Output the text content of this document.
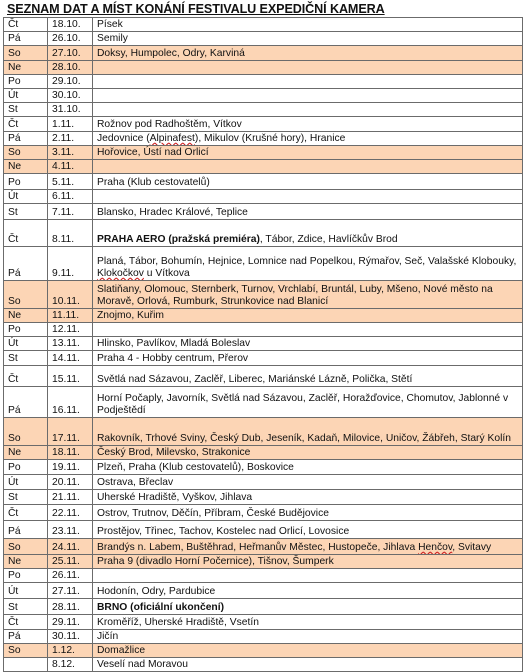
SEZNAM DAT A MÍST KONÁNÍ FESTIVALU EXPEDIČNÍ KAMERA
Čt	18.10.	Písek
Pá	26.10.	Semily
So	27.10.	Doksy, Humpolec, Odry, Karviná
Ne	28.10.	
Po	29.10.	
Út	30.10.	
St	31.10.	
Čt	1.11.	Rožnov pod Radhoštěm, Vítkov
Pá	2.11.	Jedovnice (Alpinafest), Mikulov (Krušné hory), Hranice
So	3.11.	Hořovice, Ústí nad Orlicí
Ne	4.11.	
Po	5.11.	Praha (Klub cestovatelů)
Út	6.11.	
St	7.11.	Blansko, Hradec Králové, Teplice
Čt	8.11.	PRAHA AERO (pražská premiéra), Tábor, Zdice, Havlíčkův Brod
Pá	9.11.	Planá, Tábor, Bohumín, Hejnice, Lomnice nad Popelkou, Rýmařov, Seč, Valašské Klobouky, Klokočkov u Vítkova
So	10.11.	Slatiňany, Olomouc, Sternberk, Turnov, Vrchlabí, Bruntál, Luby, Mšeno, Nové město na Moravě, Orlová, Rumburk, Strunkovice nad Blanicí
Ne	11.11.	Znojmo, Kuřim
Po	12.11.	
Út	13.11.	Hlinsko, Pavlíkov, Mladá Boleslav
St	14.11.	Praha 4 - Hobby centrum, Přerov
Čt	15.11.	Světlá nad Sázavou, Zaclěř, Liberec, Mariánské Lázně, Polička, Stětí
Pá	16.11.	Horní Počaply, Javorník, Světlá nad Sázavou, Zaclěř, Horažďovice, Chomutov, Jablonné v Podještědí
So	17.11.	Rakovník, Trhové Sviny, Český Dub, Jeseník, Kadaň, Milovice, Uničov, Žábřeh, Starý Kolín
Ne	18.11.	Český Brod, Milevsko, Strakonice
Po	19.11.	Plzeň, Praha (Klub cestovatelů), Boskovice
Út	20.11.	Ostrava, Břeclav
St	21.11.	Uherské Hradiště, Vyškov, Jihlava
Čt	22.11.	Ostrov, Trutnov, Děčín, Příbram, České Budějovice
Pá	23.11.	Prostějov, Třinec, Tachov, Kostelec nad Orlicí, Lovosice
So	24.11.	Brandýs n. Labem, Buštěhrad, Heřmanův Městec, Hustopeče, Jihlava Henčov, Svitavy
Ne	25.11.	Praha 9 (divadlo Horní Počernice), Tišnov, Šumperk
Po	26.11.	
Út	27.11.	Hodonín, Odry, Pardubice
St	28.11.	BRNO (oficiální ukončení)
Čt	29.11.	Kroměříž, Uherské Hradiště, Vsetín
Pá	30.11.	Jičín
So	1.12.	Domažlice
	8.12.	Veselí nad Moravou
